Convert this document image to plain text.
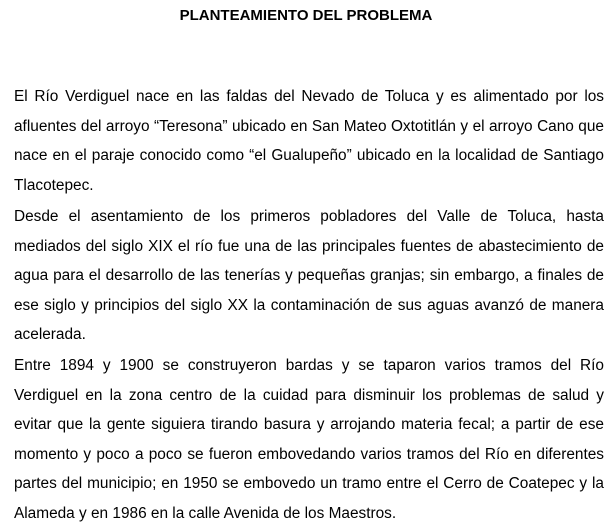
PLANTEAMIENTO DEL PROBLEMA

El Río Verdiguel nace en las faldas del Nevado de Toluca y es alimentado por los afluentes del arroyo “Teresona” ubicado en San Mateo Oxtotitlán y el arroyo Cano que nace en el paraje conocido como “el Gualupeño” ubicado en la localidad de Santiago Tlacotepec.

Desde el asentamiento de los primeros pobladores del Valle de Toluca, hasta mediados del siglo XIX el río fue una de las principales fuentes de abastecimiento de agua para el desarrollo de las tenerías y pequeñas granjas; sin embargo, a finales de ese siglo y principios del siglo XX la contaminación de sus aguas avanzó de manera acelerada.

Entre 1894 y 1900 se construyeron bardas y se taparon varios tramos del Río Verdiguel en la zona centro de la cuidad para disminuir los problemas de salud y evitar que la gente siguiera tirando basura y arrojando materia fecal; a partir de ese momento y poco a poco se fueron embovedando varios tramos del Río en diferentes partes del municipio; en 1950 se embovedo un tramo entre el Cerro de Coatepec y la Alameda y en 1986 en la calle Avenida de los Maestros.
